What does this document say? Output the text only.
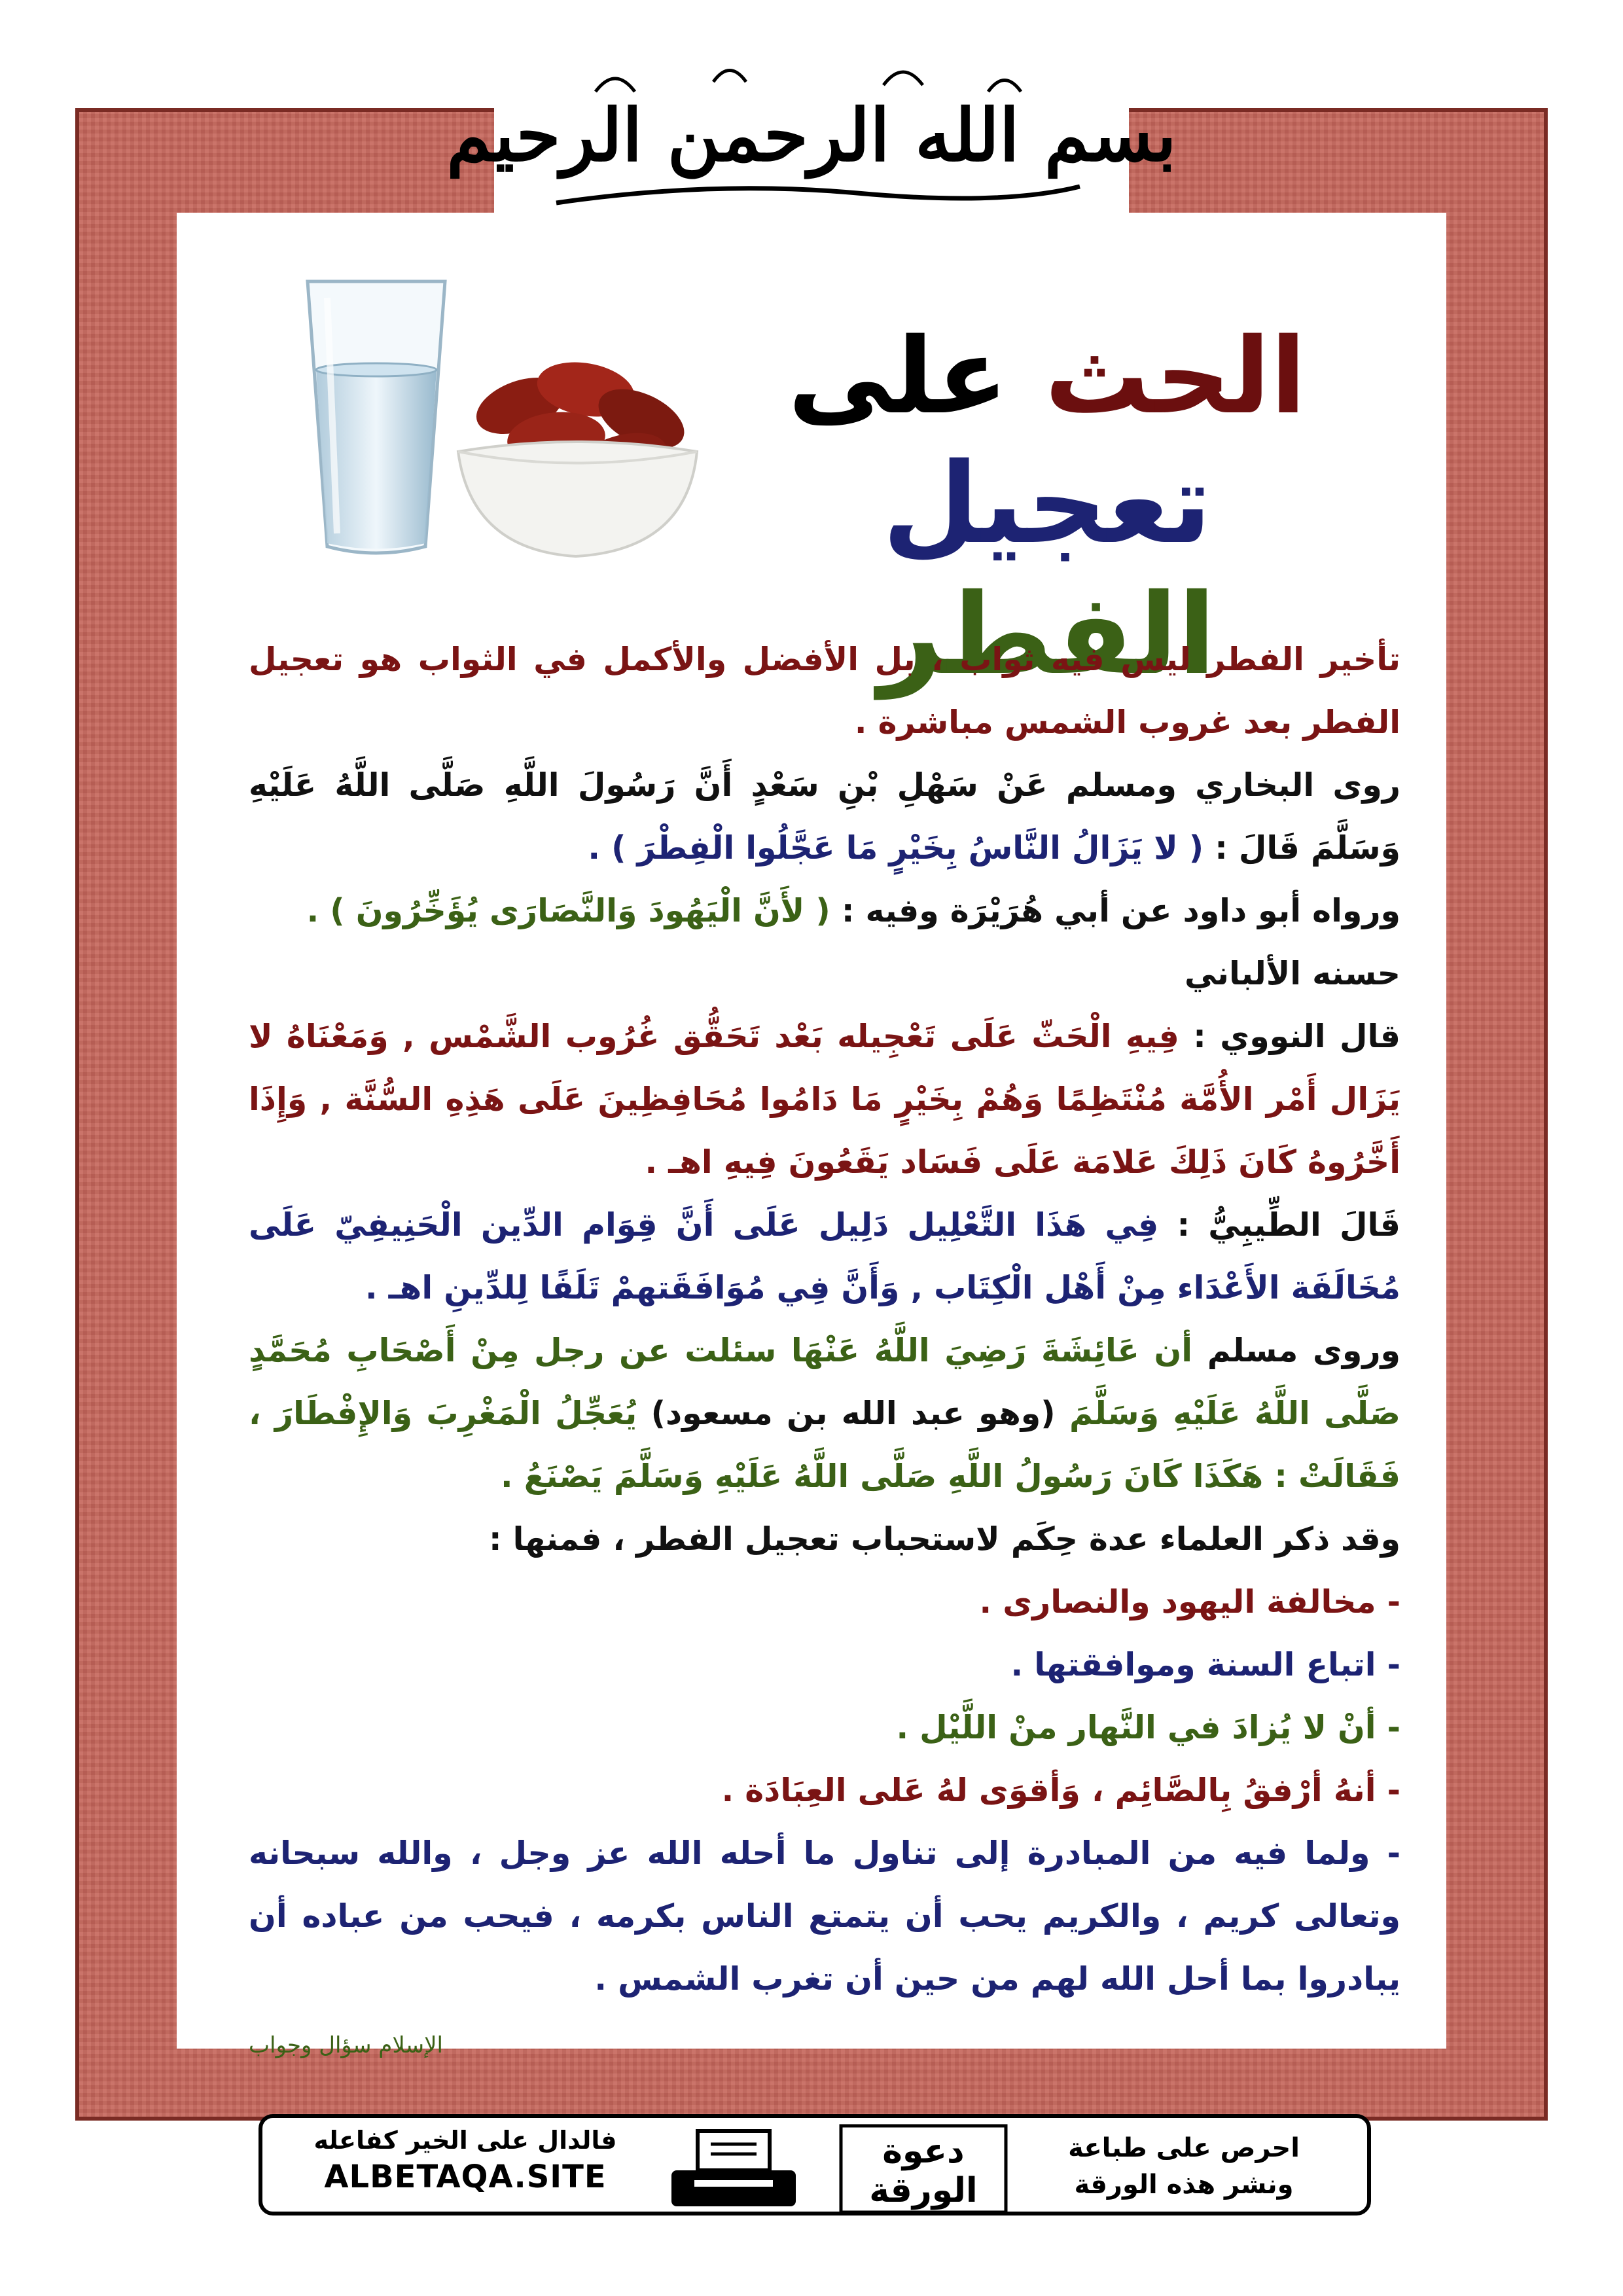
بسم الله الرحمن الرحيم
الحث على
تعجيل الفطر

تأخير الفطر ليس فيه ثواب ، بل الأفضل والأكمل في الثواب هو تعجيل الفطر بعد غروب الشمس مباشرة .

روى البخاري ومسلم عَنْ سَهْلِ بْنِ سَعْدٍ أَنَّ رَسُولَ اللَّهِ صَلَّى اللَّهُ عَلَيْهِ وَسَلَّمَ قَالَ : ( لا يَزَالُ النَّاسُ بِخَيْرٍ مَا عَجَّلُوا الْفِطْرَ ) .

ورواه أبو داود عن أبي هُرَيْرَة وفيه : ( لأَنَّ الْيَهُودَ وَالنَّصَارَى يُؤَخِّرُونَ ) .

حسنه الألباني

قال النووي : فِيهِ الْحَثّ عَلَى تَعْجِيله بَعْد تَحَقُّق غُرُوب الشَّمْس , وَمَعْنَاهُ لا يَزَال أَمْر الأُمَّة مُنْتَظِمًا وَهُمْ بِخَيْرٍ مَا دَامُوا مُحَافِظِينَ عَلَى هَذِهِ السُّنَّة , وَإِذَا أَخَّرُوهُ كَانَ ذَلِكَ عَلامَة عَلَى فَسَاد يَقَعُونَ فِيهِ اهـ .

قَالَ الطِّيبِيُّ : فِي هَذَا التَّعْلِيل دَلِيل عَلَى أَنَّ قِوَام الدِّين الْحَنِيفِيّ عَلَى مُخَالَفَة الأَعْدَاء مِنْ أَهْل الْكِتَاب , وَأَنَّ فِي مُوَافَقَتهمْ تَلَفًا لِلدِّينِ اهـ .

وروى مسلم أن عَائِشَةَ رَضِيَ اللَّهُ عَنْهَا سئلت عن رجل مِنْ أَصْحَابِ مُحَمَّدٍ صَلَّى اللَّهُ عَلَيْهِ وَسَلَّمَ (وهو عبد الله بن مسعود) يُعَجِّلُ الْمَغْرِبَ وَالإِفْطَارَ ، فَقَالَتْ : هَكَذَا كَانَ رَسُولُ اللَّهِ صَلَّى اللَّهُ عَلَيْهِ وَسَلَّمَ يَصْنَعُ .

وقد ذكر العلماء عدة حِكَم لاستحباب تعجيل الفطر ، فمنها :

- مخالفة اليهود والنصارى .

- اتباع السنة وموافقتها .

- أنْ لا يُزادَ في النَّهار منْ اللَّيْل .

- أنهُ أرْفقُ بِالصَّائِم ، وَأقوَى لهُ عَلى العِبَادَة .

- ولما فيه من المبادرة إلى تناول ما أحله الله عز وجل ، والله سبحانه وتعالى كريم ، والكريم يحب أن يتمتع الناس بكرمه ، فيحب من عباده أن يبادروا بما أحل الله لهم من حين أن تغرب الشمس .

الإسلام سؤال وجواب
فالدال على الخير كفاعله
ALBETAQA.SITE
دعوة
الورقة
احرص على طباعة
ونشر هذه الورقة
